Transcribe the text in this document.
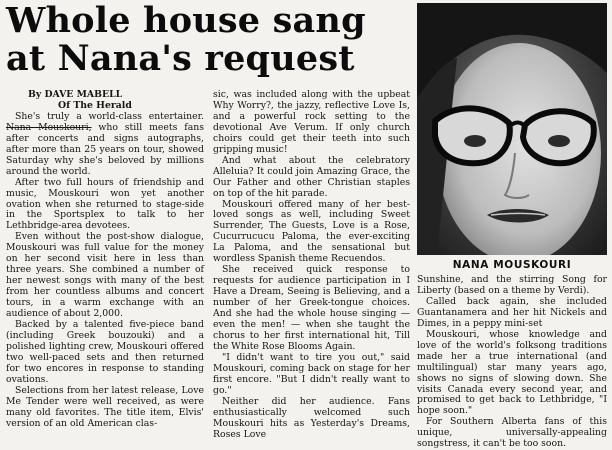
Whole house sang
at Nana's request
By DAVE MABELL
Of The Herald

She's truly a world-class entertainer. Nana Mouskouri, who still meets fans after concerts and signs autographs, after more than 25 years on tour, showed Saturday why she's beloved by millions around the world.

After two full hours of friendship and music, Mouskouri won yet another ovation when she returned to stage-side in the Sportsplex to talk to her Lethbridge-area devotees.

Even without the post-show dialogue, Mouskouri was full value for the money on her second visit here in less than three years. She combined a number of her newest songs with many of the best from her countless albums and concert tours, in a warm exchange with an audience of about 2,000.

Backed by a talented five-piece band (including Greek bouzouki) and a polished lighting crew, Mouskouri offered two well-paced sets and then returned for two encores in response to standing ovations.

Selections from her latest release, Love Me Tender were well received, as were many old favorites. The title item, Elvis' version of an old American clas-

sic, was included along with the upbeat Why Worry?, the jazzy, reflective Love Is, and a powerful rock setting to the devotional Ave Verum. If only church choirs could get their teeth into such gripping music!

And what about the celebratory Alleluia? It could join Amazing Grace, the Our Father and other Christian staples on top of the hit parade.

Mouskouri offered many of her best-loved songs as well, including Sweet Surrender, The Guests, Love is a Rose, Cucurrucucu Paloma, the ever-exciting La Paloma, and the sensational but wordless Spanish theme Recuendos.

She received quick response to requests for audience participation in I Have a Dream, Seeing is Believing, and a number of her Greek-tongue choices. And she had the whole house singing — even the men! — when she taught the chorus to her first international hit, Till the White Rose Blooms Again.

"I didn't want to tire you out," said Mouskouri, coming back on stage for her first encore. "But I didn't really want to go."

Neither did her audience. Fans enthusiastically welcomed such Mouskouri hits as Yesterday's Dreams, Roses Love

NANA MOUSKOURI

Sunshine, and the stirring Song for Liberty (based on a theme by Verdi).

Called back again, she included Guantanamera and her hit Nickels and Dimes, in a peppy mini-set

Mouskouri, whose knowledge and love of the world's folksong traditions made her a true international (and multilingual) star many years ago, shows no signs of slowing down. She visits Canada every second year, and promised to get back to Lethbridge, "I hope soon."

For Southern Alberta fans of this unique, universally-appealing songstress, it can't be too soon.
